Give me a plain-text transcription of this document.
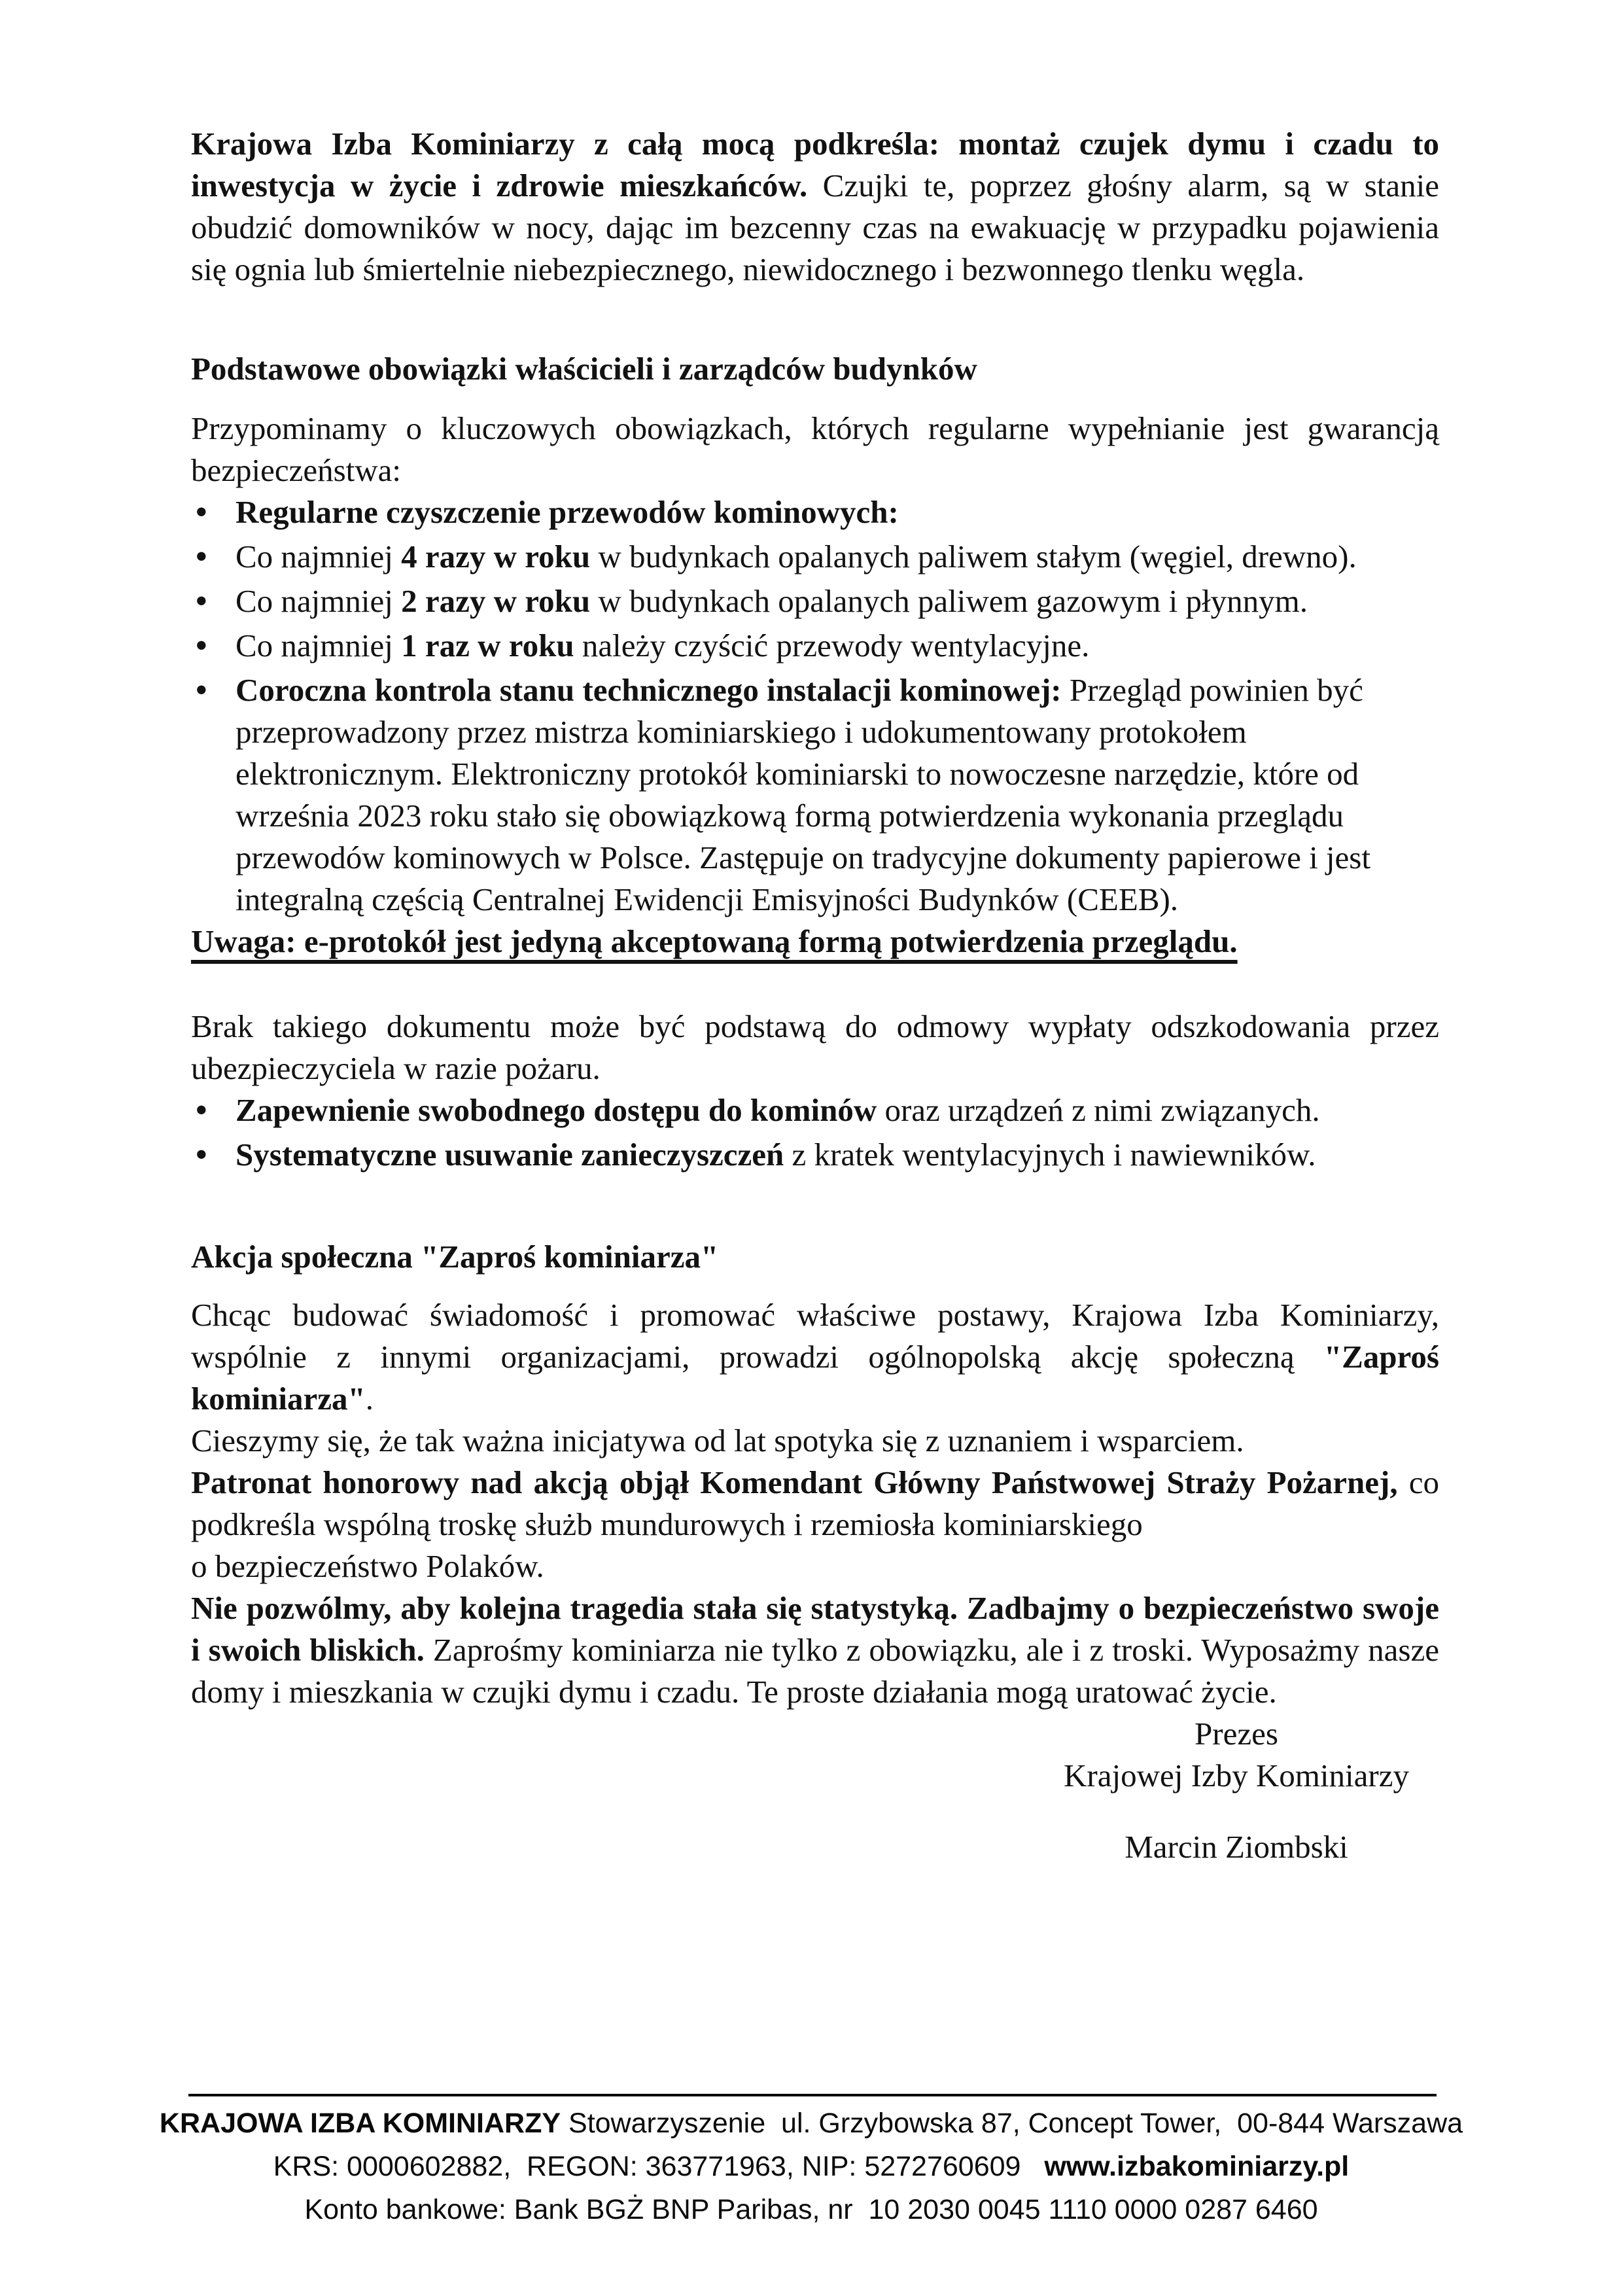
Krajowa Izba Kominiarzy z całą mocą podkreśla: montaż czujek dymu i czadu to inwestycja w życie i zdrowie mieszkańców. Czujki te, poprzez głośny alarm, są w stanie obudzić domowników w nocy, dając im bezcenny czas na ewakuację w przypadku pojawienia się ognia lub śmiertelnie niebezpiecznego, niewidocznego i bezwonnego tlenku węgla.

Podstawowe obowiązki właścicieli i zarządców budynków

Przypominamy o kluczowych obowiązkach, których regularne wypełnianie jest gwarancją bezpieczeństwa:

• Regularne czyszczenie przewodów kominowych:
• Co najmniej 4 razy w roku w budynkach opalanych paliwem stałym (węgiel, drewno).
• Co najmniej 2 razy w roku w budynkach opalanych paliwem gazowym i płynnym.
• Co najmniej 1 raz w roku należy czyścić przewody wentylacyjne.
• Coroczna kontrola stanu technicznego instalacji kominowej: Przegląd powinien być przeprowadzony przez mistrza kominiarskiego i udokumentowany protokołem elektronicznym. Elektroniczny protokół kominiarski to nowoczesne narzędzie, które od września 2023 roku stało się obowiązkową formą potwierdzenia wykonania przeglądu przewodów kominowych w Polsce. Zastępuje on tradycyjne dokumenty papierowe i jest integralną częścią Centralnej Ewidencji Emisyjności Budynków (CEEB).

Uwaga: e-protokół jest jedyną akceptowaną formą potwierdzenia przeglądu.

Brak takiego dokumentu może być podstawą do odmowy wypłaty odszkodowania przez ubezpieczyciela w razie pożaru.

• Zapewnienie swobodnego dostępu do kominów oraz urządzeń z nimi związanych.
• Systematyczne usuwanie zanieczyszczeń z kratek wentylacyjnych i nawiewników.

Akcja społeczna "Zaproś kominiarza"

Chcąc budować świadomość i promować właściwe postawy, Krajowa Izba Kominiarzy, wspólnie z innymi organizacjami, prowadzi ogólnopolską akcję społeczną "Zaproś kominiarza".

Cieszymy się, że tak ważna inicjatywa od lat spotyka się z uznaniem i wsparciem.

Patronat honorowy nad akcją objął Komendant Główny Państwowej Straży Pożarnej, co podkreśla wspólną troskę służb mundurowych i rzemiosła kominiarskiego
o bezpieczeństwo Polaków.

Nie pozwólmy, aby kolejna tragedia stała się statystyką. Zadbajmy o bezpieczeństwo swoje i swoich bliskich. Zaprośmy kominiarza nie tylko z obowiązku, ale i z troski. Wyposażmy nasze domy i mieszkania w czujki dymu i czadu. Te proste działania mogą uratować życie.

Prezes
Krajowej Izby Kominiarzy
Marcin Ziombski
KRAJOWA IZBA KOMINIARZY Stowarzyszenie  ul. Grzybowska 87, Concept Tower,  00-844 Warszawa
KRS: 0000602882,  REGON: 363771963, NIP: 5272760609   www.izbakominiarzy.pl
Konto bankowe: Bank BGŻ BNP Paribas, nr  10 2030 0045 1110 0000 0287 6460
